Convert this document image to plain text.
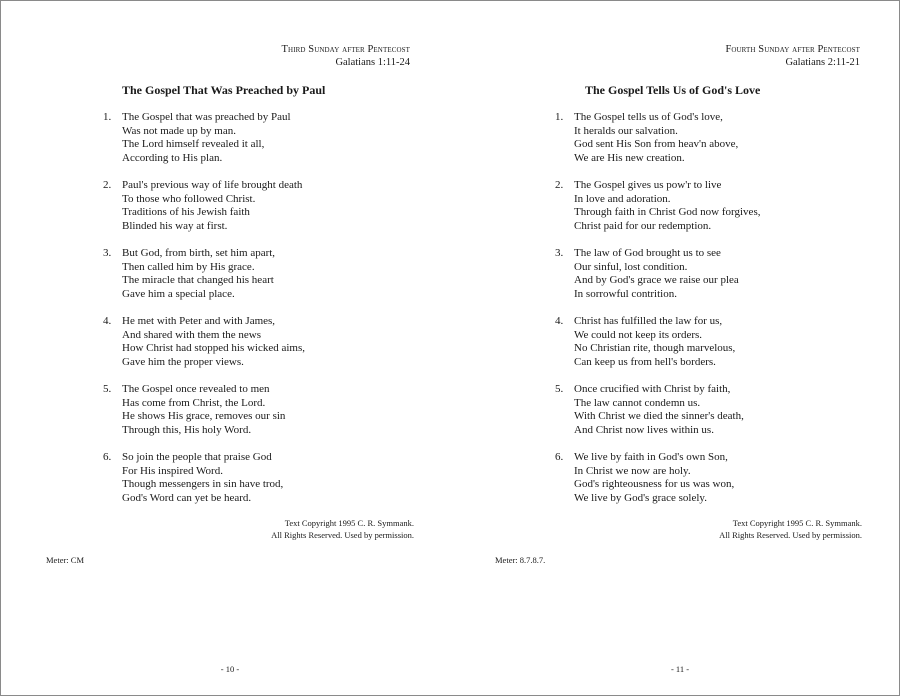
Third Sunday after Pentecost
Galatians 1:11-24
The Gospel That Was Preached by Paul
1. The Gospel that was preached by Paul
Was not made up by man.
The Lord himself revealed it all,
According to His plan.
2. Paul's previous way of life brought death
To those who followed Christ.
Traditions of his Jewish faith
Blinded his way at first.
3. But God, from birth, set him apart,
Then called him by His grace.
The miracle that changed his heart
Gave him a special place.
4. He met with Peter and with James,
And shared with them the news
How Christ had stopped his wicked aims,
Gave him the proper views.
5. The Gospel once revealed to men
Has come from Christ, the Lord.
He shows His grace, removes our sin
Through this, His holy Word.
6. So join the people that praise God
For His inspired Word.
Though messengers in sin have trod,
God's Word can yet be heard.
Text Copyright 1995 C. R. Symmank.
All Rights Reserved. Used by permission.
Meter: CM
- 10 -
Fourth Sunday after Pentecost
Galatians 2:11-21
The Gospel Tells Us of God's Love
1. The Gospel tells us of God's love,
It heralds our salvation.
God sent His Son from heav'n above,
We are His new creation.
2. The Gospel gives us pow'r to live
In love and adoration.
Through faith in Christ God now forgives,
Christ paid for our redemption.
3. The law of God brought us to see
Our sinful, lost condition.
And by God's grace we raise our plea
In sorrowful contrition.
4. Christ has fulfilled the law for us,
We could not keep its orders.
No Christian rite, though marvelous,
Can keep us from hell's borders.
5. Once crucified with Christ by faith,
The law cannot condemn us.
With Christ we died the sinner's death,
And Christ now lives within us.
6. We live by faith in God's own Son,
In Christ we now are holy.
God's righteousness for us was won,
We live by God's grace solely.
Text Copyright 1995 C. R. Symmank.
All Rights Reserved. Used by permission.
Meter: 8.7.8.7.
- 11 -
